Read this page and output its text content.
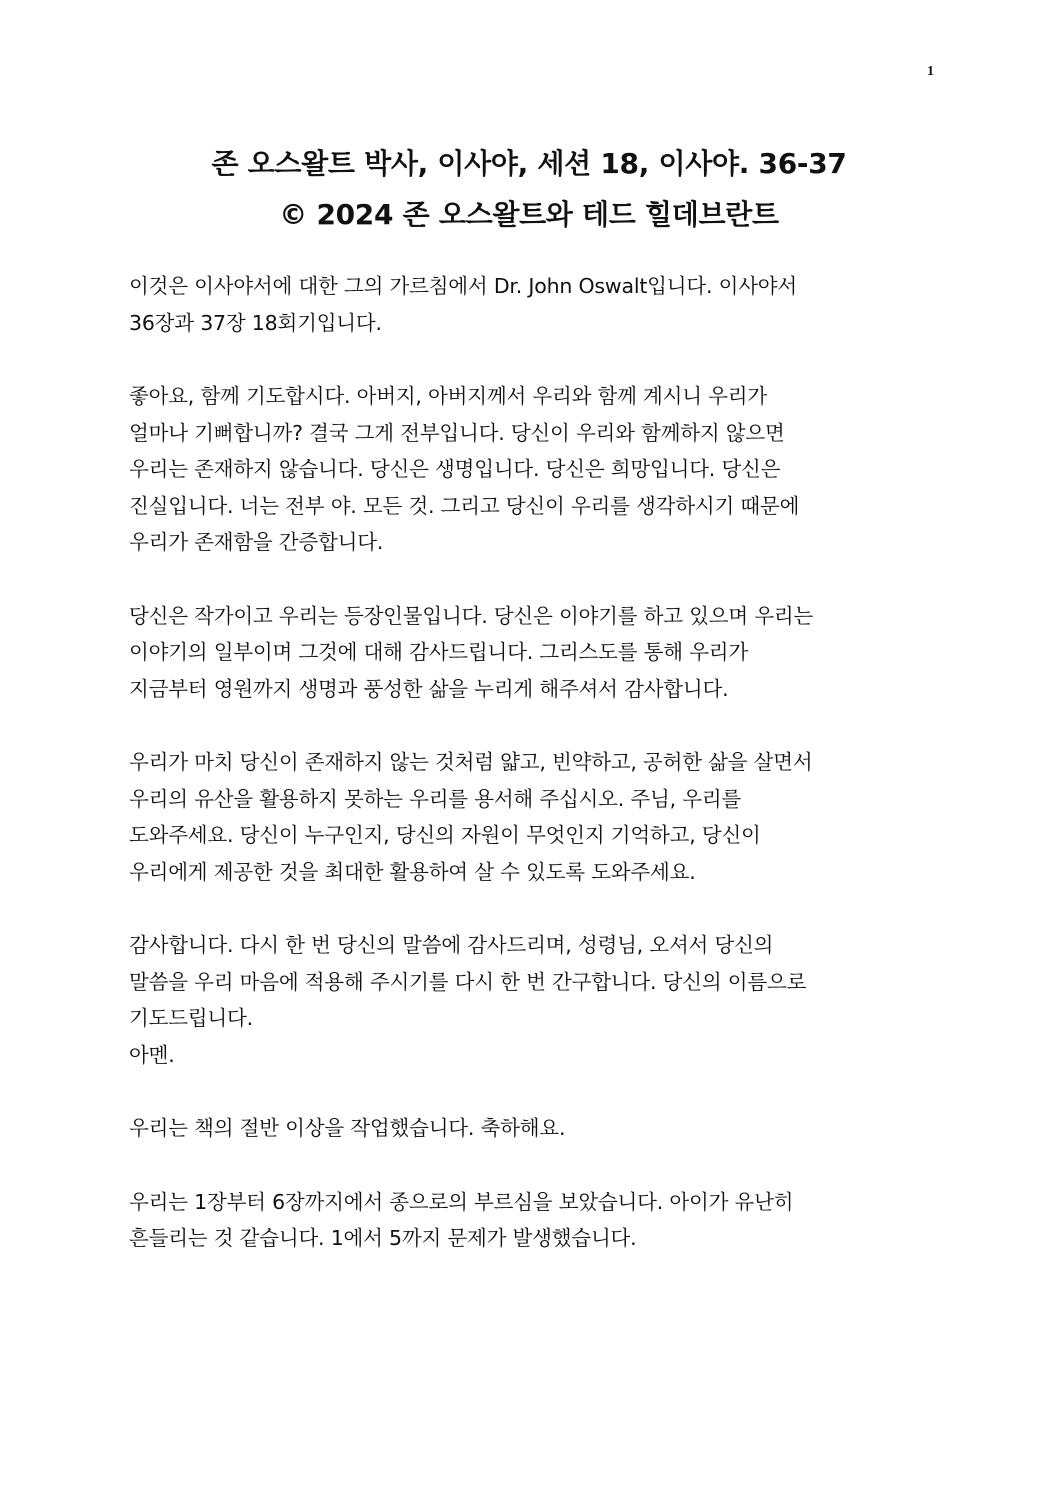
1
존 오스왈트 박사, 이사야, 세션 18, 이사야. 36-37
© 2024 존 오스왈트와 테드 힐데브란트

이것은 이사야서에 대한 그의 가르침에서 Dr. John Oswalt입니다. 이사야서
36장과 37장 18회기입니다.

좋아요, 함께 기도합시다. 아버지, 아버지께서 우리와 함께 계시니 우리가
얼마나 기뻐합니까? 결국 그게 전부입니다. 당신이 우리와 함께하지 않으면
우리는 존재하지 않습니다. 당신은 생명입니다. 당신은 희망입니다. 당신은
진실입니다. 너는 전부 야. 모든 것. 그리고 당신이 우리를 생각하시기 때문에
우리가 존재함을 간증합니다.

당신은 작가이고 우리는 등장인물입니다. 당신은 이야기를 하고 있으며 우리는
이야기의 일부이며 그것에 대해 감사드립니다. 그리스도를 통해 우리가
지금부터 영원까지 생명과 풍성한 삶을 누리게 해주셔서 감사합니다.

우리가 마치 당신이 존재하지 않는 것처럼 얇고, 빈약하고, 공허한 삶을 살면서
우리의 유산을 활용하지 못하는 우리를 용서해 주십시오. 주님, 우리를
도와주세요. 당신이 누구인지, 당신의 자원이 무엇인지 기억하고, 당신이
우리에게 제공한 것을 최대한 활용하여 살 수 있도록 도와주세요.

감사합니다. 다시 한 번 당신의 말씀에 감사드리며, 성령님, 오셔서 당신의
말씀을 우리 마음에 적용해 주시기를 다시 한 번 간구합니다. 당신의 이름으로
기도드립니다.
아멘.

우리는 책의 절반 이상을 작업했습니다. 축하해요.

우리는 1장부터 6장까지에서 종으로의 부르심을 보았습니다. 아이가 유난히
흔들리는 것 같습니다. 1에서 5까지 문제가 발생했습니다.
